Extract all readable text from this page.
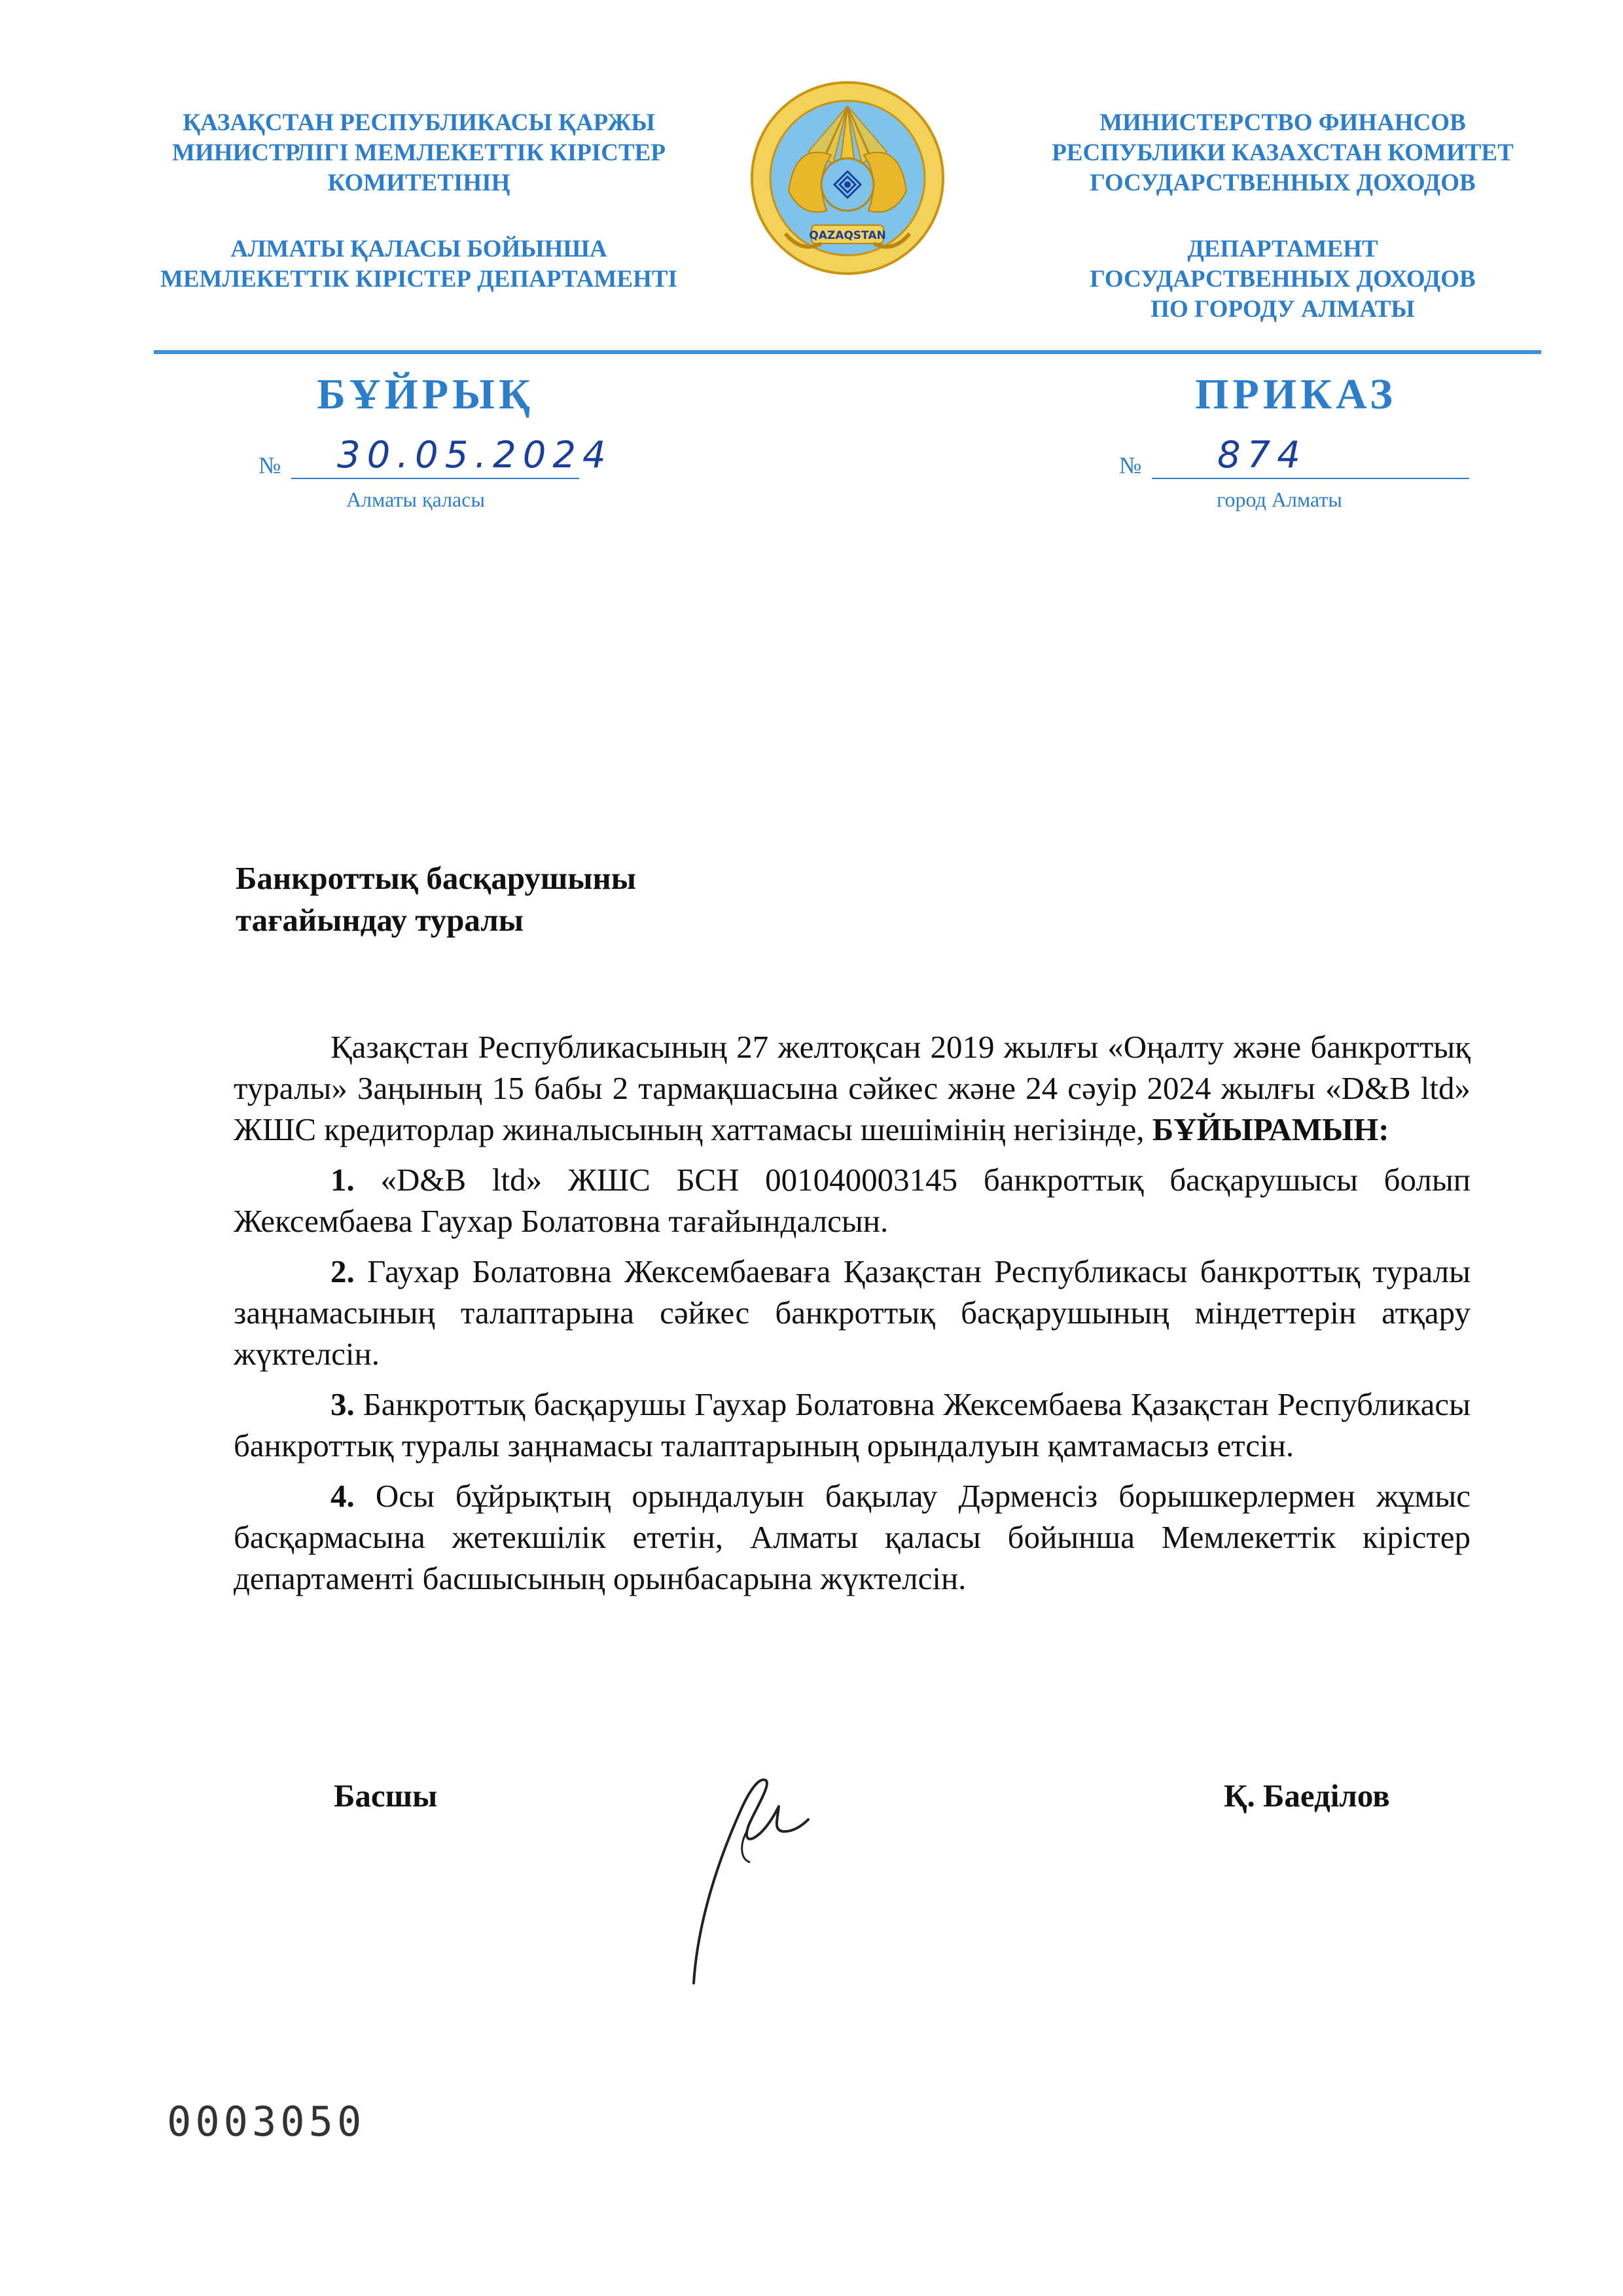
ҚАЗАҚСТАН РЕСПУБЛИКАСЫ ҚАРЖЫ
МИНИСТРЛІГІ МЕМЛЕКЕТТІК КІРІСТЕР
КОМИТЕТІНІҢ
АЛМАТЫ ҚАЛАСЫ БОЙЫНША
МЕМЛЕКЕТТІК КІРІСТЕР ДЕПАРТАМЕНТІ
QAZAQSTAN
МИНИСТЕРСТВО ФИНАНСОВ
РЕСПУБЛИКИ КАЗАХСТАН КОМИТЕТ
ГОСУДАРСТВЕННЫХ ДОХОДОВ
ДЕПАРТАМЕНТ
ГОСУДАРСТВЕННЫХ ДОХОДОВ
ПО ГОРОДУ АЛМАТЫ
БҰЙРЫҚ	ПРИКАЗ
№ 30.05.2024	№ 874
Алматы қаласы	город Алматы
Банкроттық басқарушыны
тағайындау туралы

Қазақстан Республикасының 27 желтоқсан 2019 жылғы «Оңалту және банкроттық туралы» Заңының 15 бабы 2 тармақшасына сәйкес және 24 сәуір 2024 жылғы «D&B ltd» ЖШС кредиторлар жиналысының хаттамасы шешімінің негізінде, БҰЙЫРАМЫН:

1. «D&B ltd» ЖШС БСН 001040003145 банкроттық басқарушысы болып Жексембаева Гаухар Болатовна тағайындалсын.

2. Гаухар Болатовна Жексембаеваға Қазақстан Республикасы банкроттық туралы заңнамасының талаптарына сәйкес банкроттық басқарушының міндеттерін атқару жүктелсін.

3. Банкроттық басқарушы Гаухар Болатовна Жексембаева Қазақстан Республикасы банкроттық туралы заңнамасы талаптарының орындалуын қамтамасыз етсін.

4. Осы бұйрықтың орындалуын бақылау Дәрменсіз борышкерлермен жұмыс басқармасына жетекшілік ететін, Алматы қаласы бойынша Мемлекеттік кірістер департаменті басшысының орынбасарына жүктелсін.

Басшы	Қ. Баеділов
0003050
